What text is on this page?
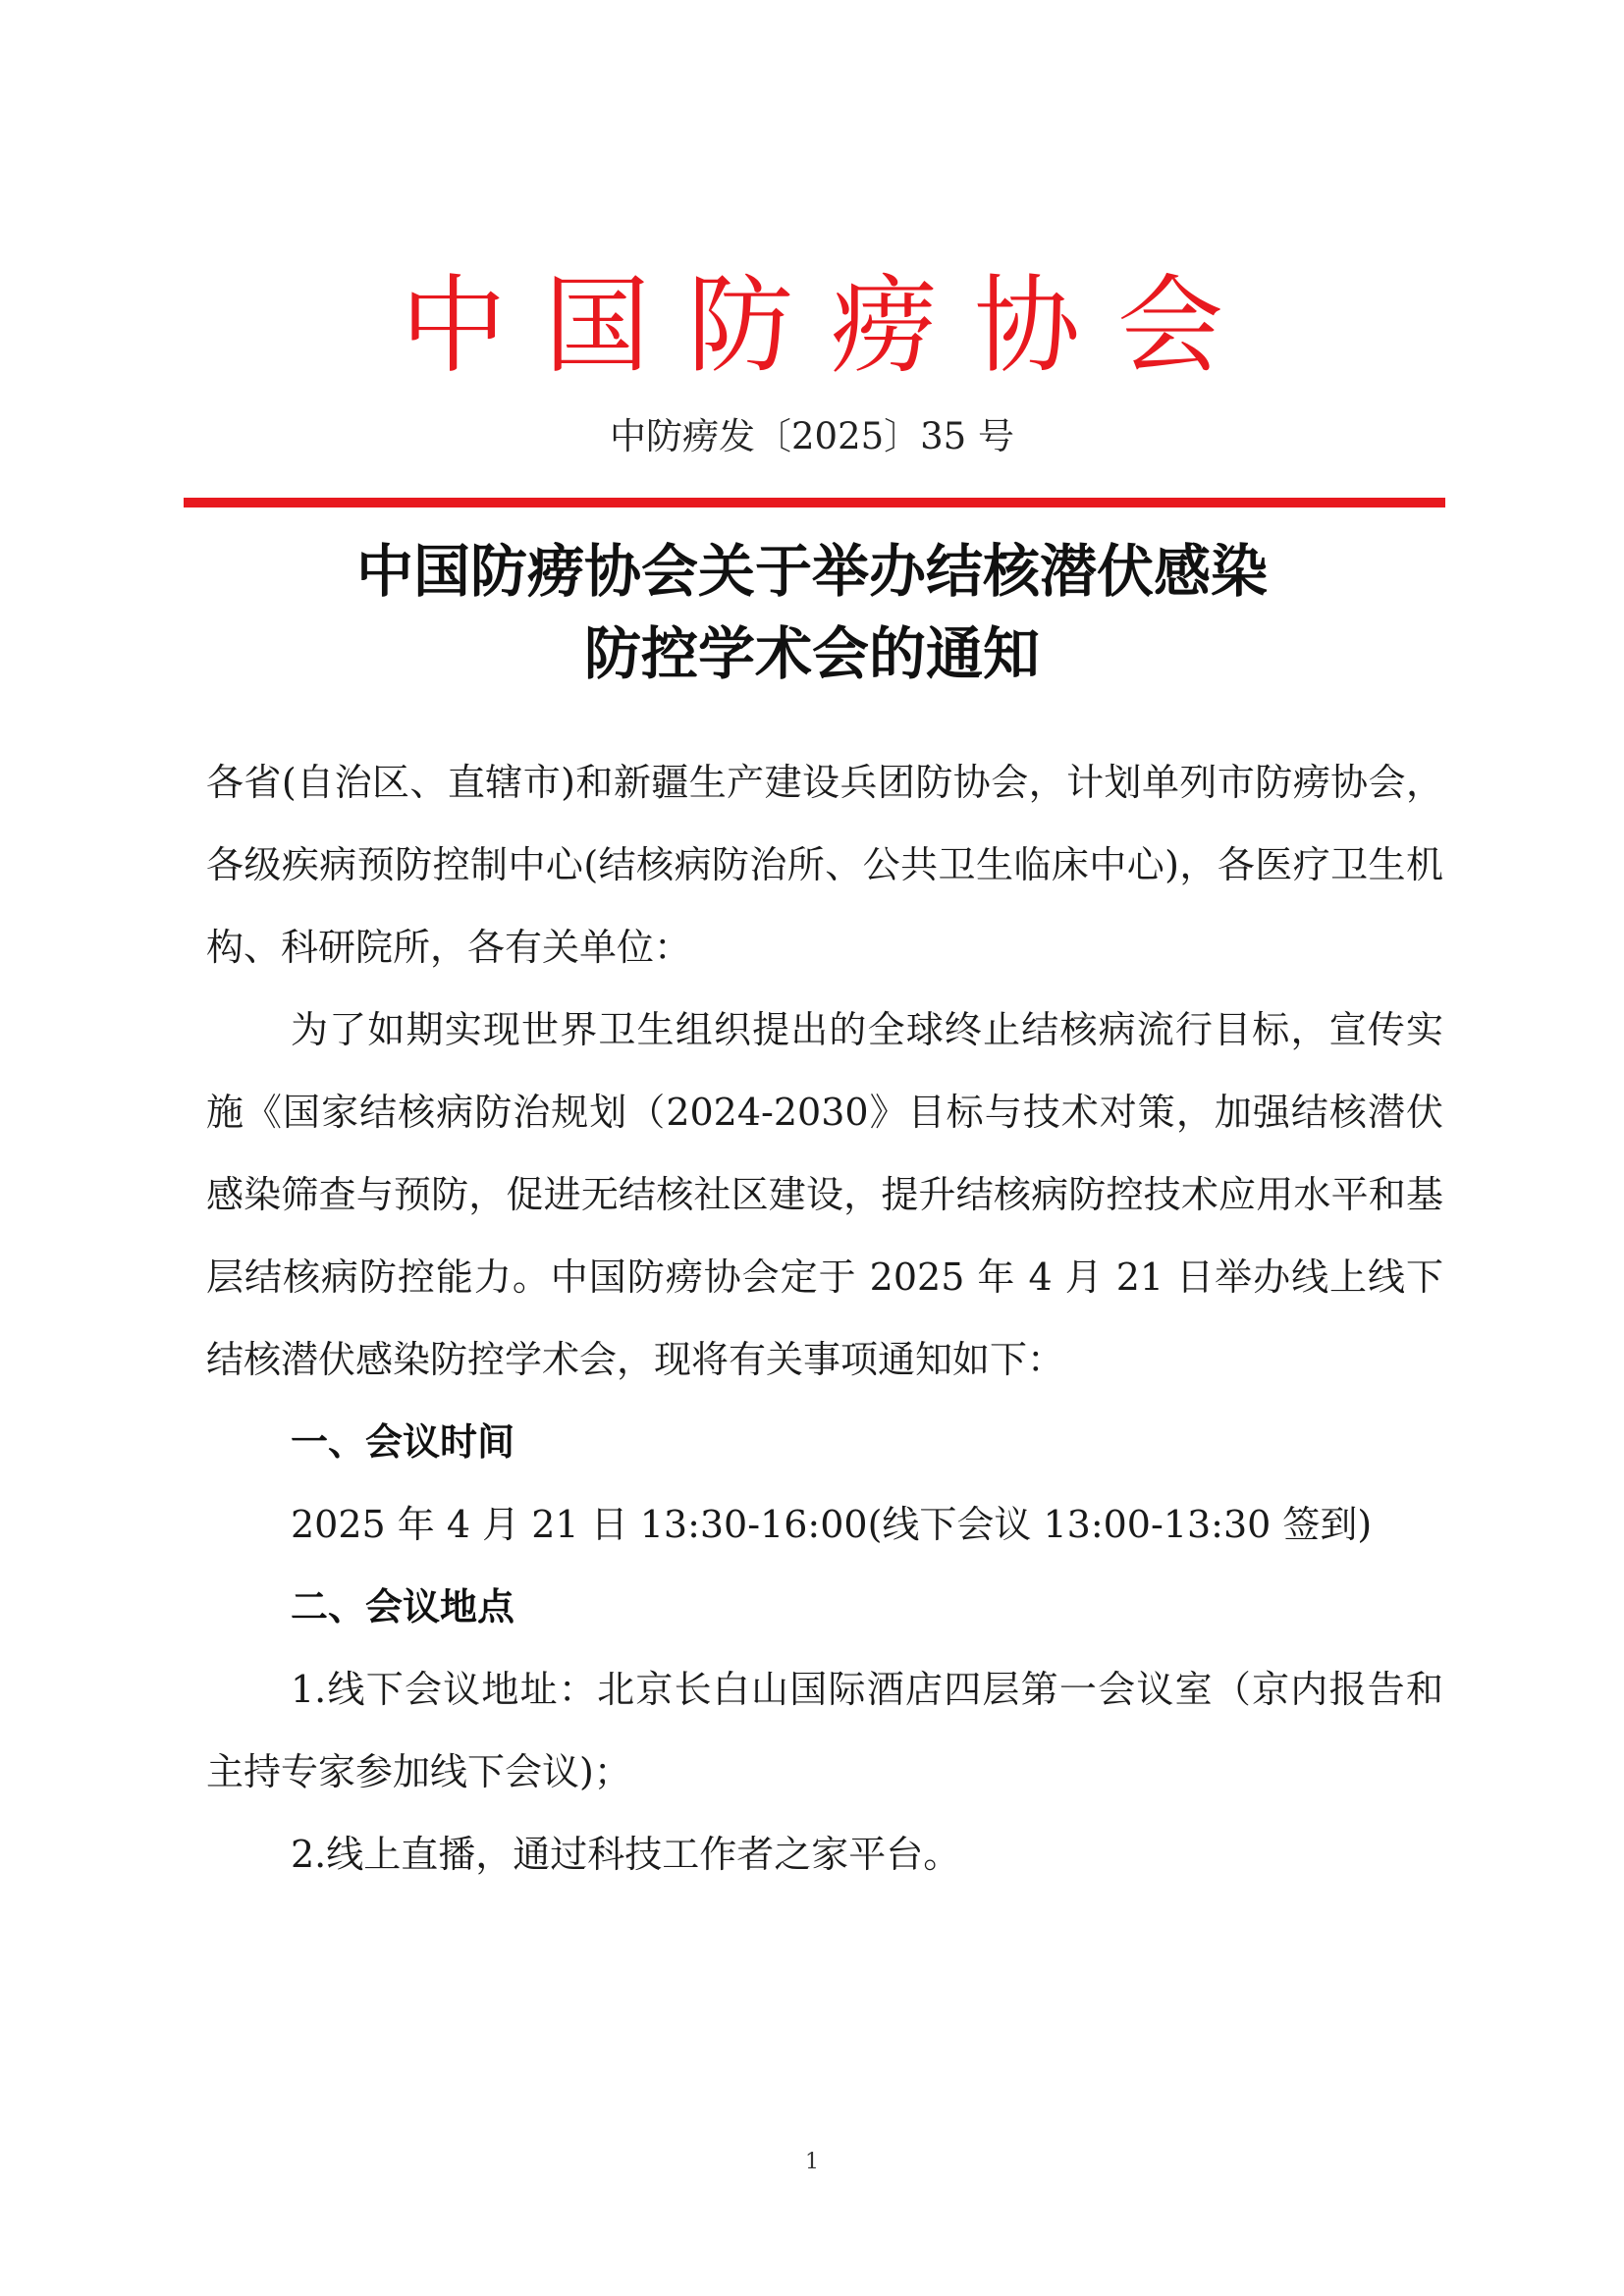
中国防痨协会
中防痨发〔2025〕35 号
中国防痨协会关于举办结核潜伏感染
防控学术会的通知

各省(自治区、直辖市)和新疆生产建设兵团防协会，计划单列市防痨协会，各级疾病预防控制中心(结核病防治所、公共卫生临床中心)，各医疗卫生机构、科研院所，各有关单位：

为了如期实现世界卫生组织提出的全球终止结核病流行目标，宣传实施《国家结核病防治规划（2024-2030》目标与技术对策，加强结核潜伏感染筛查与预防，促进无结核社区建设，提升结核病防控技术应用水平和基层结核病防控能力。中国防痨协会定于 2025 年 4 月 21 日举办线上线下结核潜伏感染防控学术会，现将有关事项通知如下：

一、会议时间

2025 年 4 月 21 日 13:30-16:00(线下会议 13:00-13:30 签到)

二、会议地点

1.线下会议地址：北京长白山国际酒店四层第一会议室（京内报告和主持专家参加线下会议)；

2.线上直播，通过科技工作者之家平台。

1
